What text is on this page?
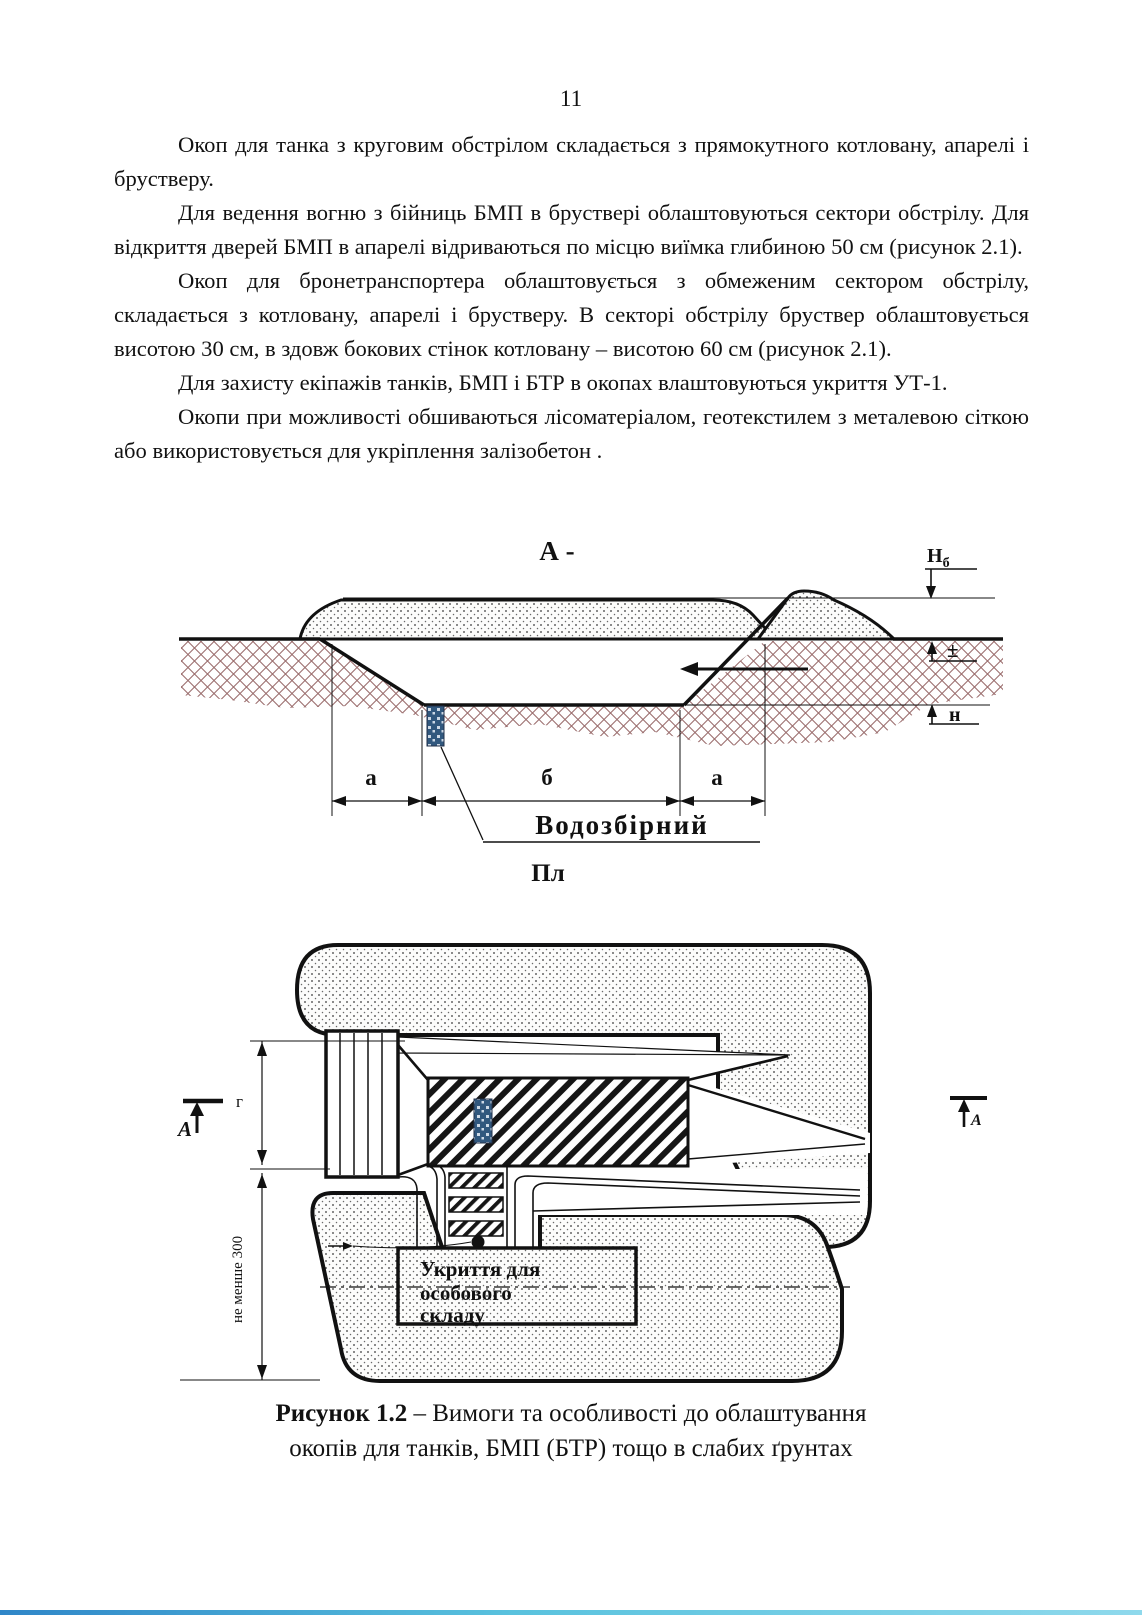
11

Окоп для танка з круговим обстрілом складається з прямокутного котловану, апарелі і брустверу.

Для ведення вогню з бійниць БМП в бруствері облаштовуються сектори обстрілу. Для відкриття дверей БМП в апарелі відриваються по місцю виїмка глибиною 50 см (рисунок 2.1).

Окоп для бронетранспортера облаштовується з обмеженим сектором обстрілу, складається з котловану, апарелі і брустверу. В секторі обстрілу бруствер облаштовується висотою 30 см, в здовж бокових стінок котловану – висотою 60 см (рисунок 2.1).

Для захисту екіпажів танків, БМП і БТР в окопах влаштовуються укриття УТ-1.

Окопи при можливості обшиваються лісоматеріалом, геотекстилем з металевою сіткою або використовується для укріплення залізобетон .

А -	$Н_б$
±
н
а	б	а
Водозбірний
Пл
Укриття для
особового
складу
г
не менше 300
А	А
Рисунок 1.2 – Вимоги та особливості до облаштування
окопів для танків, БМП (БТР) тощо в слабих ґрунтах
